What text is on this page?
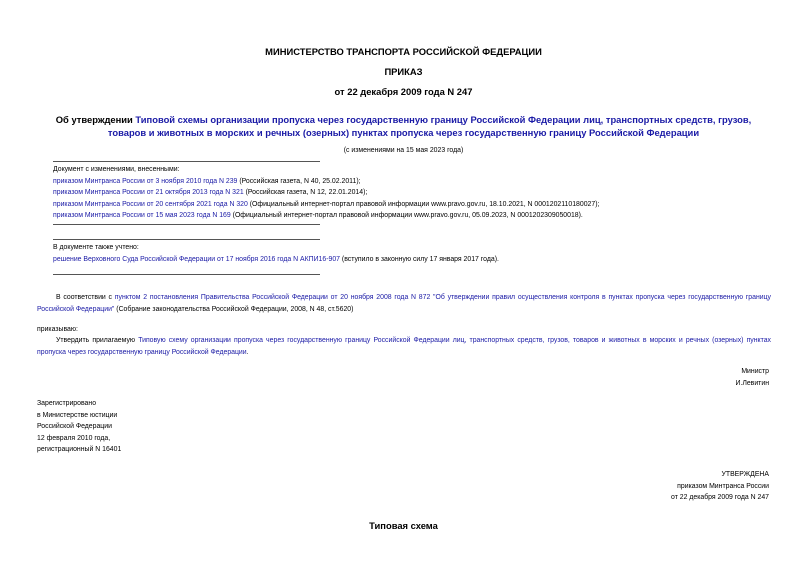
МИНИСТЕРСТВО ТРАНСПОРТА РОССИЙСКОЙ ФЕДЕРАЦИИ
ПРИКАЗ
от 22 декабря 2009 года N 247
Об утверждении Типовой схемы организации пропуска через государственную границу Российской Федерации лиц, транспортных средств, грузов, товаров и животных в морских и речных (озерных) пунктах пропуска через государственную границу Российской Федерации
(с изменениями на 15 мая 2023 года)
Документ с изменениями, внесенными:
приказом Минтранса России от 3 ноября 2010 года N 239 (Российская газета, N 40, 25.02.2011);
приказом Минтранса России от 21 октября 2013 года N 321 (Российская газета, N 12, 22.01.2014);
приказом Минтранса России от 20 сентября 2021 года N 320 (Официальный интернет-портал правовой информации www.pravo.gov.ru, 18.10.2021, N 0001202110180027);
приказом Минтранса России от 15 мая 2023 года N 169 (Официальный интернет-портал правовой информации www.pravo.gov.ru, 05.09.2023, N 0001202309050018).
В документе также учтено:
решение Верховного Суда Российской Федерации от 17 ноября 2016 года N АКПИ16-907 (вступило в законную силу 17 января 2017 года).
В соответствии с пунктом 2 постановления Правительства Российской Федерации от 20 ноября 2008 года N 872 "Об утверждении правил осуществления контроля в пунктах пропуска через государственную границу Российской Федерации" (Собрание законодательства Российской Федерации, 2008, N 48, ст.5620)
приказываю:
Утвердить прилагаемую Типовую схему организации пропуска через государственную границу Российской Федерации лиц, транспортных средств, грузов, товаров и животных в морских и речных (озерных) пунктах пропуска через государственную границу Российской Федерации.
Министр
И.Левитин
Зарегистрировано
в Министерстве юстиции
Российской Федерации
12 февраля 2010 года,
регистрационный N 16401
УТВЕРЖДЕНА
приказом Минтранса России
от 22 декабря 2009 года N 247
Типовая схема
